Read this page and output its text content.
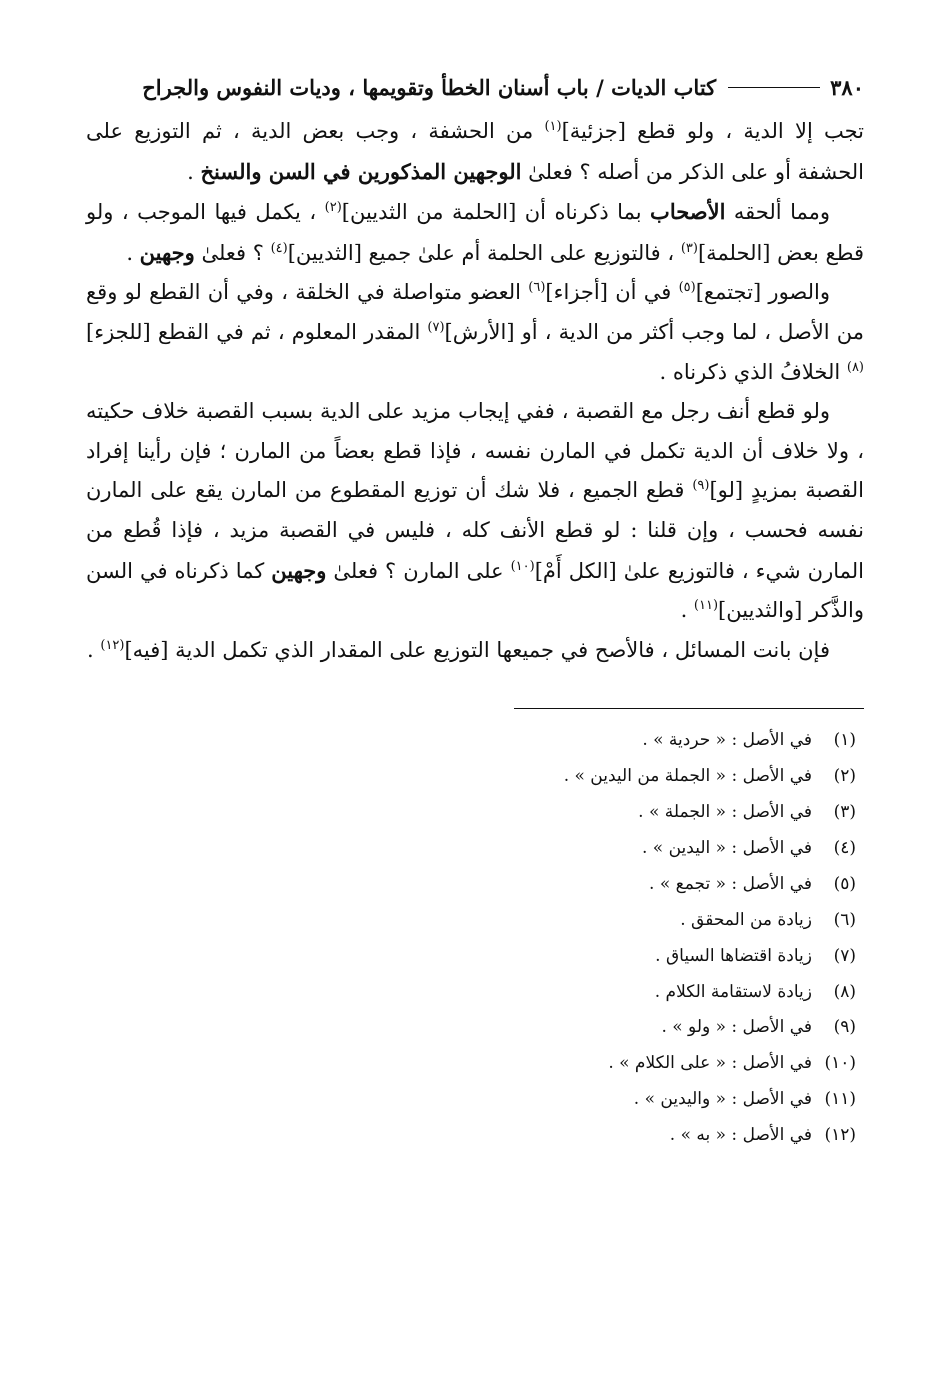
٣٨٠
كتاب الديات / باب أسنان الخطأ وتقويمها ، وديات النفوس والجراح

تجب إلا الدية ، ولو قطع [جزئية]$^{(١)}$ من الحشفة ، وجب بعض الدية ، ثم التوزيع على الحشفة أو على الذكر من أصله ؟ فعلىٰ الوجهين المذكورين في السن والسنخ .

ومما ألحقه الأصحاب بما ذكرناه أن [الحلمة من الثديين]$^{(٢)}$ ، يكمل فيها الموجب ، ولو قطع بعض [الحلمة]$^{(٣)}$ ، فالتوزيع على الحلمة أم علىٰ جميع [الثديين]$^{(٤)}$ ؟ فعلىٰ وجهين .

والصور [تجتمع]$^{(٥)}$ في أن [أجزاء]$^{(٦)}$ العضو متواصلة في الخلقة ، وفي أن القطع لو وقع من الأصل ، لما وجب أكثر من الدية ، أو [الأرش]$^{(٧)}$ المقدر المعلوم ، ثم في القطع [للجزء]$^{(٨)}$ الخلافُ الذي ذكرناه .

ولو قطع أنف رجل مع القصبة ، ففي إيجاب مزيد على الدية بسبب القصبة خلاف حكيته ، ولا خلاف أن الدية تكمل في المارن نفسه ، فإذا قطع بعضاً من المارن ؛ فإن رأينا إفراد القصبة بمزيدٍ [لو]$^{(٩)}$ قطع الجميع ، فلا شك أن توزيع المقطوع من المارن يقع على المارن نفسه فحسب ، وإن قلنا : لو قطع الأنف كله ، فليس في القصبة مزيد ، فإذا قُطع من المارن شيء ، فالتوزيع علىٰ [الكل أَمْ]$^{(١٠)}$ على المارن ؟ فعلىٰ وجهين كما ذكرناه في السن والذَّكر [والثديين]$^{(١١)}$ .

فإن بانت المسائل ، فالأصح في جميعها التوزيع على المقدار الذي تكمل الدية [فيه]$^{(١٢)}$ .

(١)في الأصل : « حردية » .
(٢)في الأصل : « الجملة من اليدين » .
(٣)في الأصل : « الجملة » .
(٤)في الأصل : « اليدين » .
(٥)في الأصل : « تجمع » .
(٦)زيادة من المحقق .
(٧)زيادة اقتضاها السياق .
(٨)زيادة لاستقامة الكلام .
(٩)في الأصل : « ولو » .
(١٠)في الأصل : « على الكلام » .
(١١)في الأصل : « واليدين » .
(١٢)في الأصل : « به » .
